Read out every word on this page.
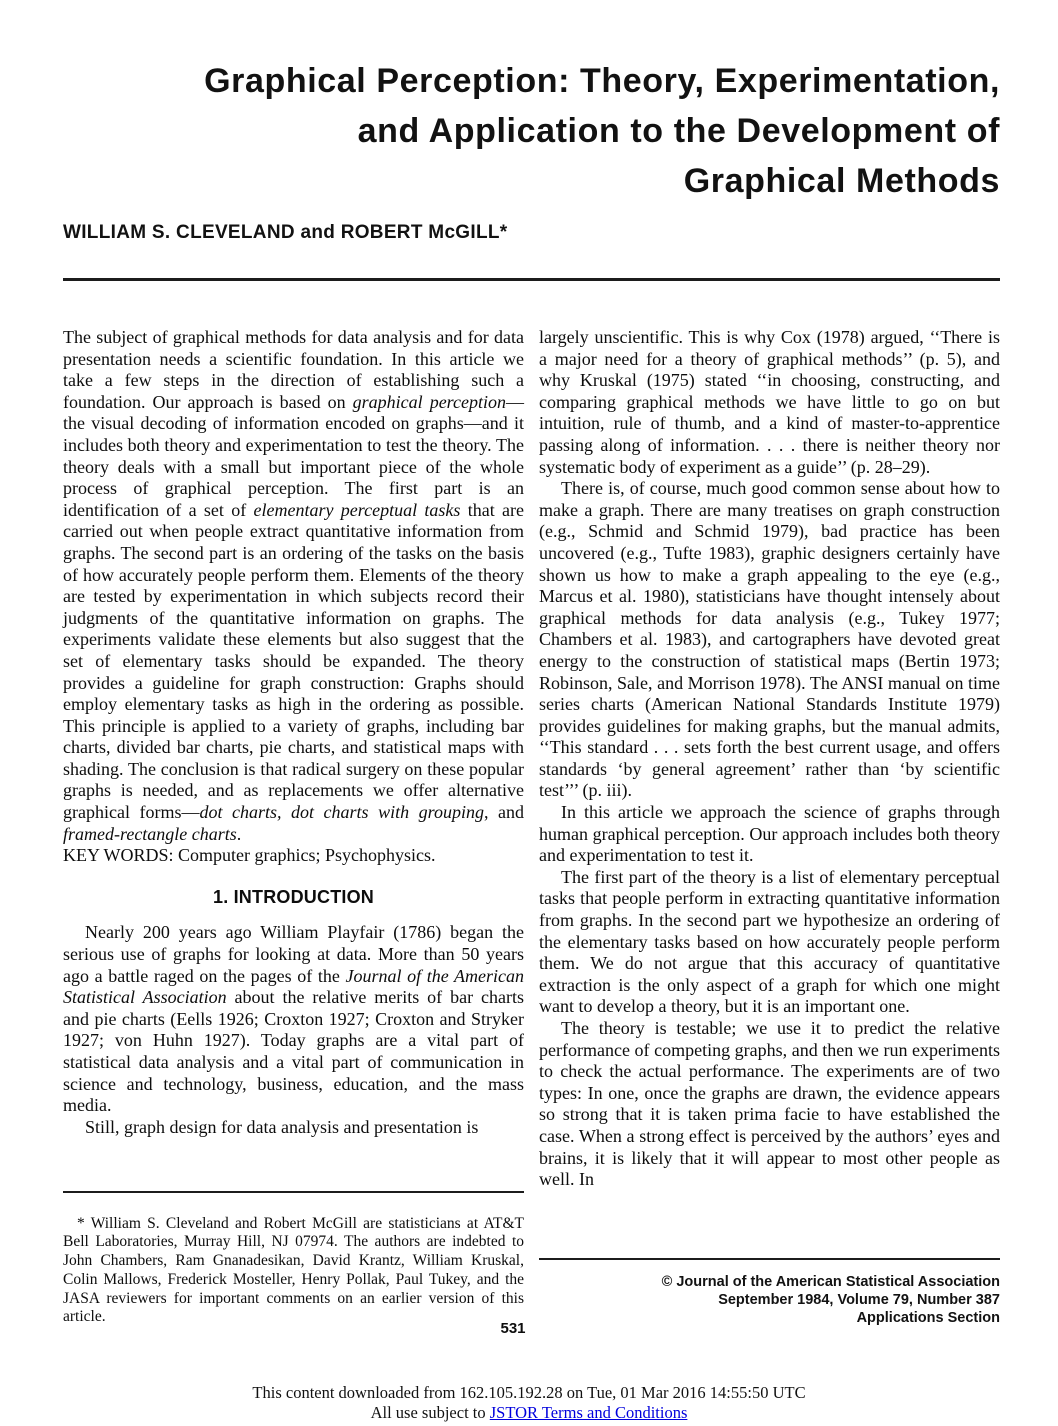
Graphical Perception: Theory, Experimentation,
and Application to the Development of
Graphical Methods
WILLIAM S. CLEVELAND and ROBERT McGILL*

The subject of graphical methods for data analysis and for data presentation needs a scientific foundation. In this article we take a few steps in the direction of establishing such a foundation. Our approach is based on graphical perception—the visual decoding of information encoded on graphs—and it includes both theory and experimentation to test the theory. The theory deals with a small but important piece of the whole process of graphical perception. The first part is an identification of a set of elementary perceptual tasks that are carried out when people extract quantitative information from graphs. The second part is an ordering of the tasks on the basis of how accurately people perform them. Elements of the theory are tested by experimentation in which subjects record their judgments of the quantitative information on graphs. The experiments validate these elements but also suggest that the set of elementary tasks should be expanded. The theory provides a guideline for graph construction: Graphs should employ elementary tasks as high in the ordering as possible. This principle is applied to a variety of graphs, including bar charts, divided bar charts, pie charts, and statistical maps with shading. The conclusion is that radical surgery on these popular graphs is needed, and as replacements we offer alternative graphical forms—dot charts, dot charts with grouping, and framed-rectangle charts.

KEY WORDS: Computer graphics; Psychophysics.

1. INTRODUCTION

Nearly 200 years ago William Playfair (1786) began the serious use of graphs for looking at data. More than 50 years ago a battle raged on the pages of the Journal of the American Statistical Association about the relative merits of bar charts and pie charts (Eells 1926; Croxton 1927; Croxton and Stryker 1927; von Huhn 1927). Today graphs are a vital part of statistical data analysis and a vital part of communication in science and technology, business, education, and the mass media.

Still, graph design for data analysis and presentation is

* William S. Cleveland and Robert McGill are statisticians at AT&T Bell Laboratories, Murray Hill, NJ 07974. The authors are indebted to John Chambers, Ram Gnanadesikan, David Krantz, William Kruskal, Colin Mallows, Frederick Mosteller, Henry Pollak, Paul Tukey, and the JASA reviewers for important comments on an earlier version of this article.

largely unscientific. This is why Cox (1978) argued, ‘‘There is a major need for a theory of graphical methods’’ (p. 5), and why Kruskal (1975) stated ‘‘in choosing, constructing, and comparing graphical methods we have little to go on but intuition, rule of thumb, and a kind of master-to-apprentice passing along of information. . . . there is neither theory nor systematic body of experiment as a guide’’ (p. 28–29).

There is, of course, much good common sense about how to make a graph. There are many treatises on graph construction (e.g., Schmid and Schmid 1979), bad practice has been uncovered (e.g., Tufte 1983), graphic designers certainly have shown us how to make a graph appealing to the eye (e.g., Marcus et al. 1980), statisticians have thought intensely about graphical methods for data analysis (e.g., Tukey 1977; Chambers et al. 1983), and cartographers have devoted great energy to the construction of statistical maps (Bertin 1973; Robinson, Sale, and Morrison 1978). The ANSI manual on time series charts (American National Standards Institute 1979) provides guidelines for making graphs, but the manual admits, ‘‘This standard . . . sets forth the best current usage, and offers standards ‘by general agreement’ rather than ‘by scientific test’’’ (p. iii).

In this article we approach the science of graphs through human graphical perception. Our approach includes both theory and experimentation to test it.

The first part of the theory is a list of elementary perceptual tasks that people perform in extracting quantitative information from graphs. In the second part we hypothesize an ordering of the elementary tasks based on how accurately people perform them. We do not argue that this accuracy of quantitative extraction is the only aspect of a graph for which one might want to develop a theory, but it is an important one.

The theory is testable; we use it to predict the relative performance of competing graphs, and then we run experiments to check the actual performance. The experiments are of two types: In one, once the graphs are drawn, the evidence appears so strong that it is taken prima facie to have established the case. When a strong effect is perceived by the authors’ eyes and brains, it is likely that it will appear to most other people as well. In

© Journal of the American Statistical Association
September 1984, Volume 79, Number 387
Applications Section
531
This content downloaded from 162.105.192.28 on Tue, 01 Mar 2016 14:55:50 UTC
All use subject to JSTOR Terms and Conditions
